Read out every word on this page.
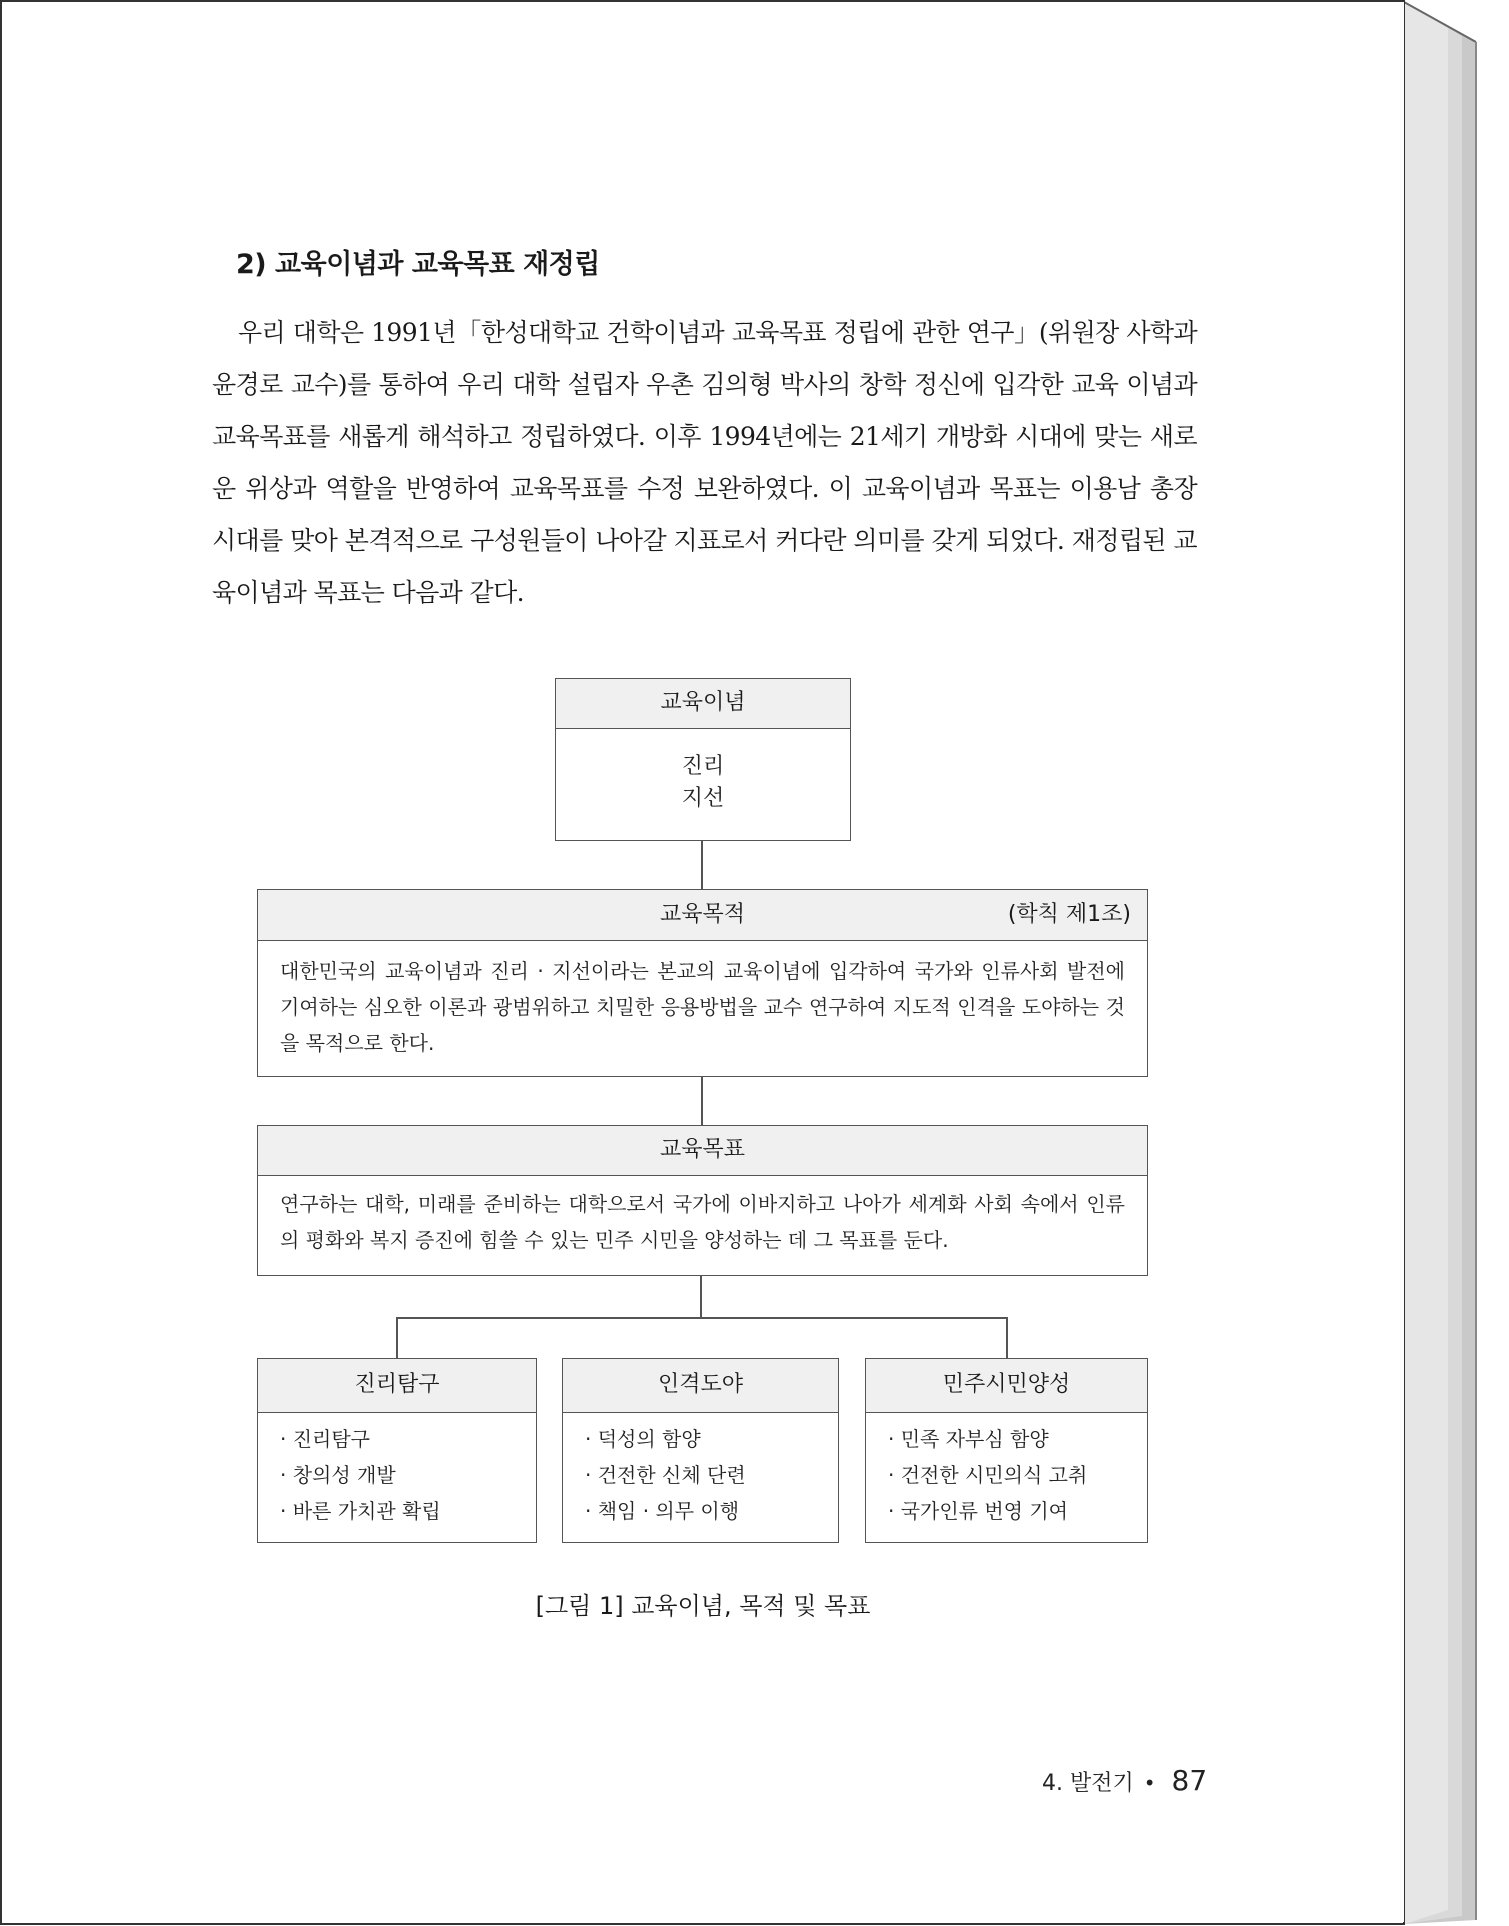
2) 교육이념과 교육목표 재정립

우리 대학은 1991년「한성대학교 건학이념과 교육목표 정립에 관한 연구」(위원장 사학과 윤경로 교수)를 통하여 우리 대학 설립자 우촌 김의형 박사의 창학 정신에 입각한 교육 이념과 교육목표를 새롭게 해석하고 정립하였다. 이후 1994년에는 21세기 개방화 시대에 맞는 새로운 위상과 역할을 반영하여 교육목표를 수정 보완하였다. 이 교육이념과 목표는 이용남 총장 시대를 맞아 본격적으로 구성원들이 나아갈 지표로서 커다란 의미를 갖게 되었다. 재정립된 교육이념과 목표는 다음과 같다.

교육이념
진리
지선
교육목적	(학칙 제1조)
대한민국의 교육이념과 진리 · 지선이라는 본교의 교육이념에 입각하여 국가와 인류사회 발전에 기여하는 심오한 이론과 광범위하고 치밀한 응용방법을 교수 연구하여 지도적 인격을 도야하는 것을 목적으로 한다.
교육목표
연구하는 대학, 미래를 준비하는 대학으로서 국가에 이바지하고 나아가 세계화 사회 속에서 인류의 평화와 복지 증진에 힘쓸 수 있는 민주 시민을 양성하는 데 그 목표를 둔다.
진리탐구
· 진리탐구
· 창의성 개발
· 바른 가치관 확립
인격도야
· 덕성의 함양
· 건전한 신체 단련
· 책임 · 의무 이행
민주시민양성
· 민족 자부심 함양
· 건전한 시민의식 고취
· 국가인류 번영 기여

[그림 1] 교육이념, 목적 및 목표

4. 발전기 • 87
